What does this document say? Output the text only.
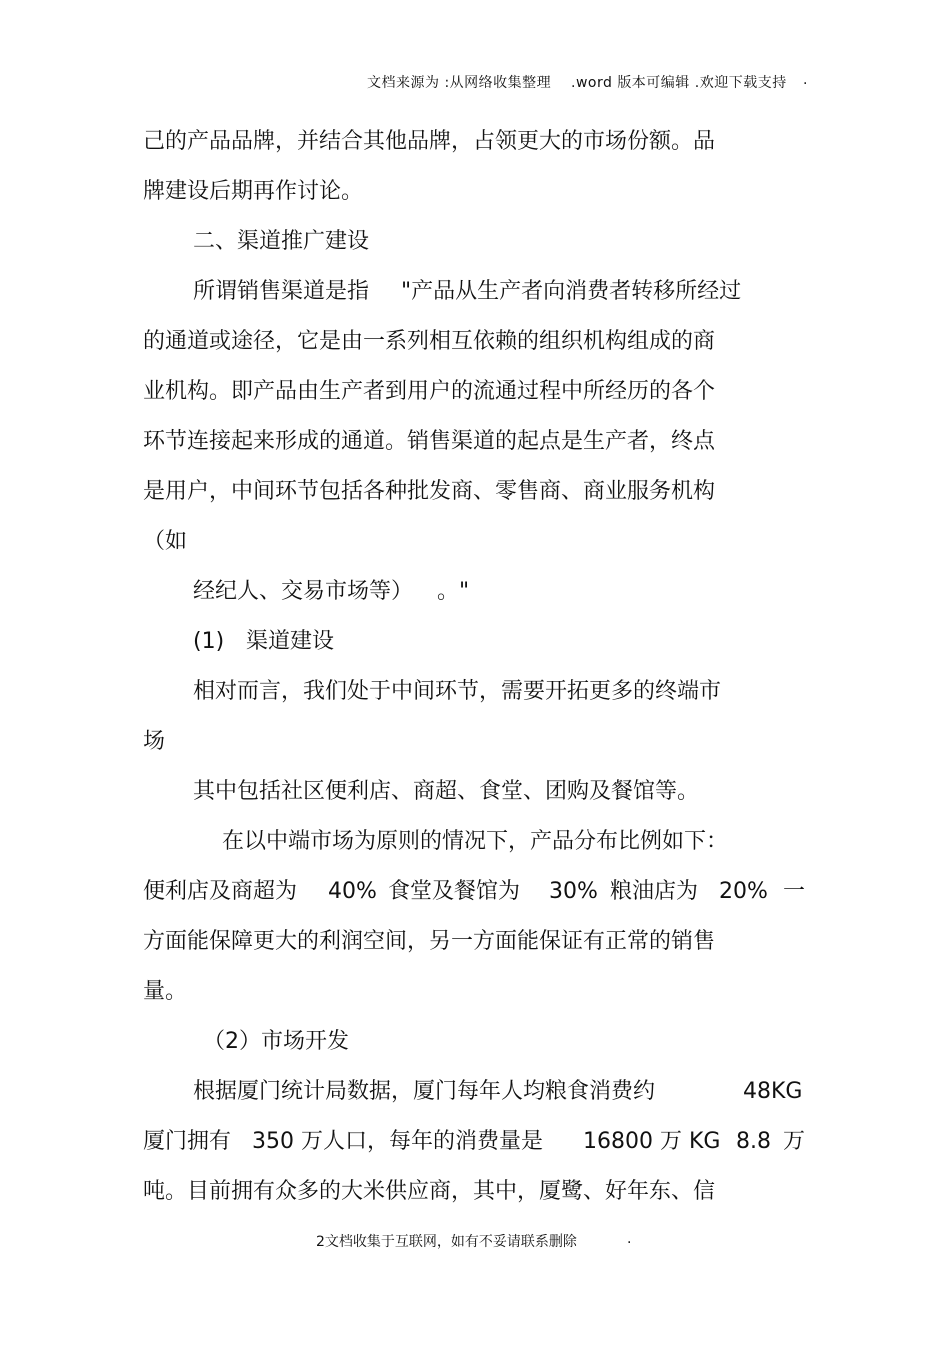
文档来源为 :从网络收集整理 .word 版本可编辑 .欢迎下载支持 .
己的产品品牌，并结合其他品牌，占领更大的市场份额。品
牌建设后期再作讨论。
二、渠道推广建设
所谓销售渠道是指 "产品从生产者向消费者转移所经过
的通道或途径，它是由一系列相互依赖的组织机构组成的商
业机构。即产品由生产者到用户的流通过程中所经历的各个
环节连接起来形成的通道。销售渠道的起点是生产者，终点
是用户，中间环节包括各种批发商、零售商、商业服务机构
（如
经纪人、交易市场等） 。"
(1) 渠道建设
相对而言，我们处于中间环节，需要开拓更多的终端市
场
其中包括社区便利店、商超、食堂、团购及餐馆等。
在以中端市场为原则的情况下，产品分布比例如下：
便利店及商超为 40% 食堂及餐馆为 30% 粮油店为 20% 一
方面能保障更大的利润空间，另一方面能保证有正常的销售
量。
（2）市场开发
根据厦门统计局数据，厦门每年人均粮食消费约	48KG
厦门拥有 350 万人口，每年的消费量是 16800 万 KG 8.8 万
吨。目前拥有众多的大米供应商，其中，厦鹭、好年东、信
2文档收集于互联网，如有不妥请联系删除	.
